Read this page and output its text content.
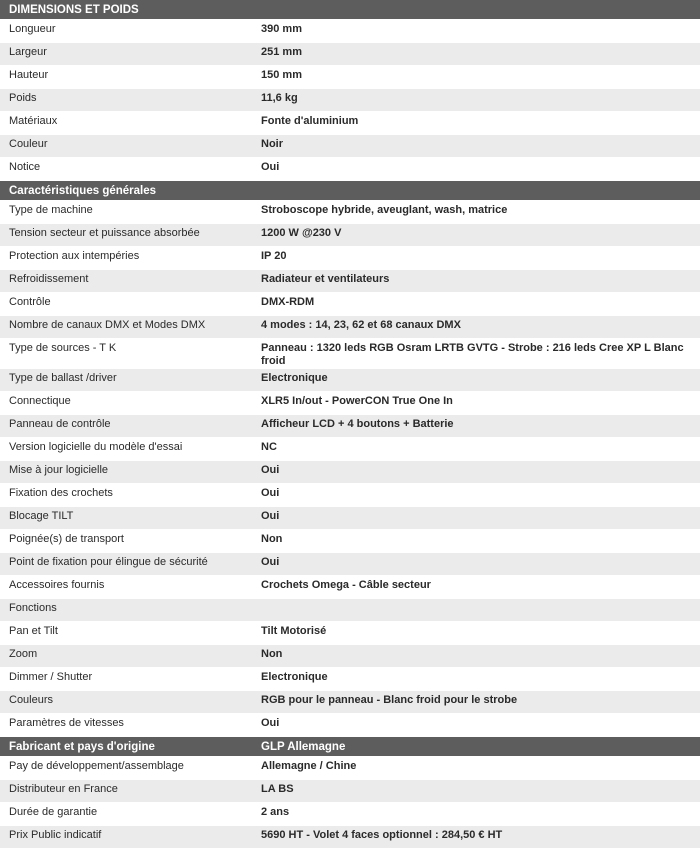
DIMENSIONS ET POIDS	
Longueur	390 mm
Largeur	251 mm
Hauteur	150 mm
Poids	11,6 kg
Matériaux	Fonte d'aluminium
Couleur	Noir
Notice	Oui
Caractéristiques générales	
Type de machine	Stroboscope hybride, aveuglant, wash, matrice
Tension secteur et puissance absorbée	1200 W @230 V
Protection aux intempéries	IP 20
Refroidissement	Radiateur et ventilateurs
Contrôle	DMX-RDM
Nombre de canaux DMX et Modes DMX	4 modes : 14, 23, 62 et 68 canaux DMX
Type de sources - T K	Panneau : 1320 leds RGB Osram LRTB GVTG - Strobe : 216 leds Cree XP L Blanc froid
Type de ballast /driver	Electronique
Connectique	XLR5 In/out - PowerCON True One In
Panneau de contrôle	Afficheur LCD + 4 boutons + Batterie
Version logicielle du modèle d'essai	NC
Mise à jour logicielle	Oui
Fixation des crochets	Oui
Blocage TILT	Oui
Poignée(s) de transport	Non
Point de fixation pour élingue de sécurité	Oui
Accessoires fournis	Crochets Omega - Câble secteur
Fonctions	
Pan et Tilt	Tilt Motorisé
Zoom	Non
Dimmer / Shutter	Electronique
Couleurs	RGB pour le panneau - Blanc froid pour le strobe
Paramètres de vitesses	Oui
Fabricant et pays d'origine	GLP Allemagne
Pay de développement/assemblage	Allemagne / Chine
Distributeur en France	LA BS
Durée de garantie	2 ans
Prix Public indicatif	5690 HT - Volet 4 faces optionnel : 284,50 € HT
